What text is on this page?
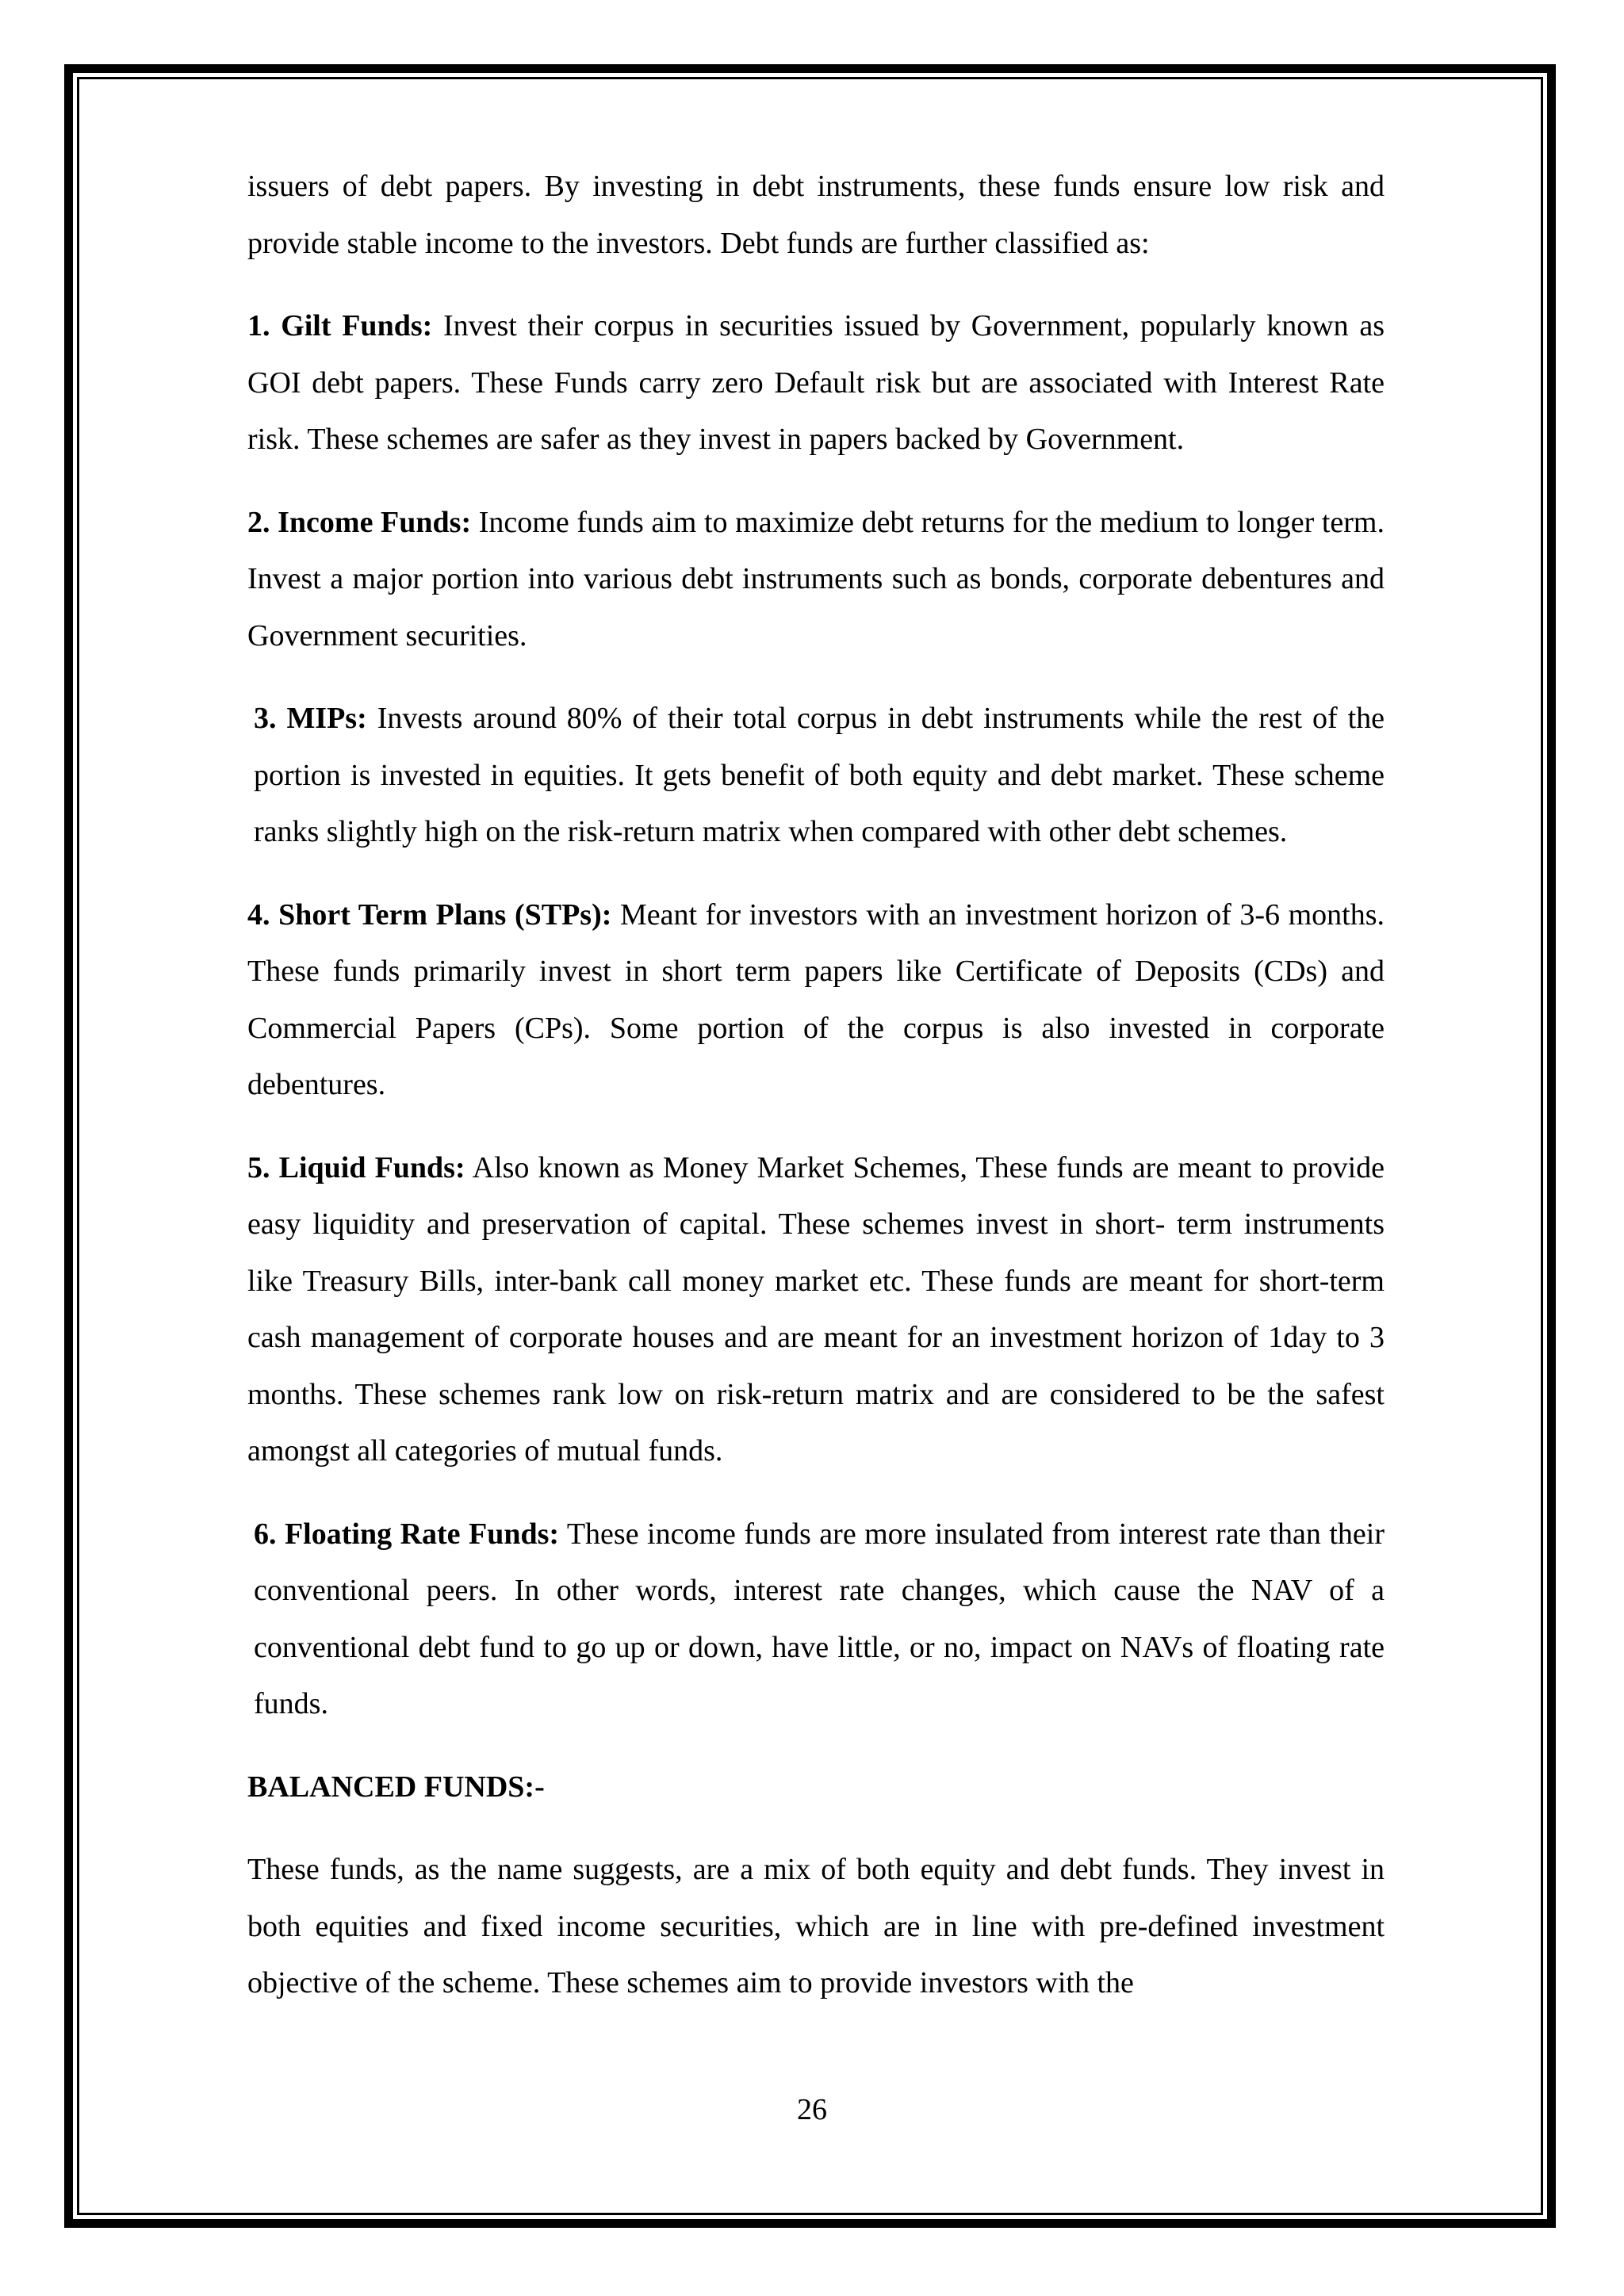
issuers of debt papers. By investing in debt instruments, these funds ensure low risk and provide stable income to the investors. Debt funds are further classified as:

1. Gilt Funds: Invest their corpus in securities issued by Government, popularly known as GOI debt papers. These Funds carry zero Default risk but are associated with Interest Rate risk. These schemes are safer as they invest in papers backed by Government.

2. Income Funds: Income funds aim to maximize debt returns for the medium to longer term. Invest a major portion into various debt instruments such as bonds, corporate debentures and Government securities.

3. MIPs: Invests around 80% of their total corpus in debt instruments while the rest of the portion is invested in equities. It gets benefit of both equity and debt market. These scheme ranks slightly high on the risk-return matrix when compared with other debt schemes.

4. Short Term Plans (STPs): Meant for investors with an investment horizon of 3-6 months. These funds primarily invest in short term papers like Certificate of Deposits (CDs) and Commercial Papers (CPs). Some portion of the corpus is also invested in corporate debentures.

5. Liquid Funds: Also known as Money Market Schemes, These funds are meant to provide easy liquidity and preservation of capital. These schemes invest in short- term instruments like Treasury Bills, inter-bank call money market etc. These funds are meant for short-term cash management of corporate houses and are meant for an investment horizon of 1day to 3 months. These schemes rank low on risk-return matrix and are considered to be the safest amongst all categories of mutual funds.

6. Floating Rate Funds: These income funds are more insulated from interest rate than their conventional peers. In other words, interest rate changes, which cause the NAV of a conventional debt fund to go up or down, have little, or no, impact on NAVs of floating rate funds.

BALANCED FUNDS:-

These funds, as the name suggests, are a mix of both equity and debt funds. They invest in both equities and fixed income securities, which are in line with pre-defined investment objective of the scheme. These schemes aim to provide investors with the

26
